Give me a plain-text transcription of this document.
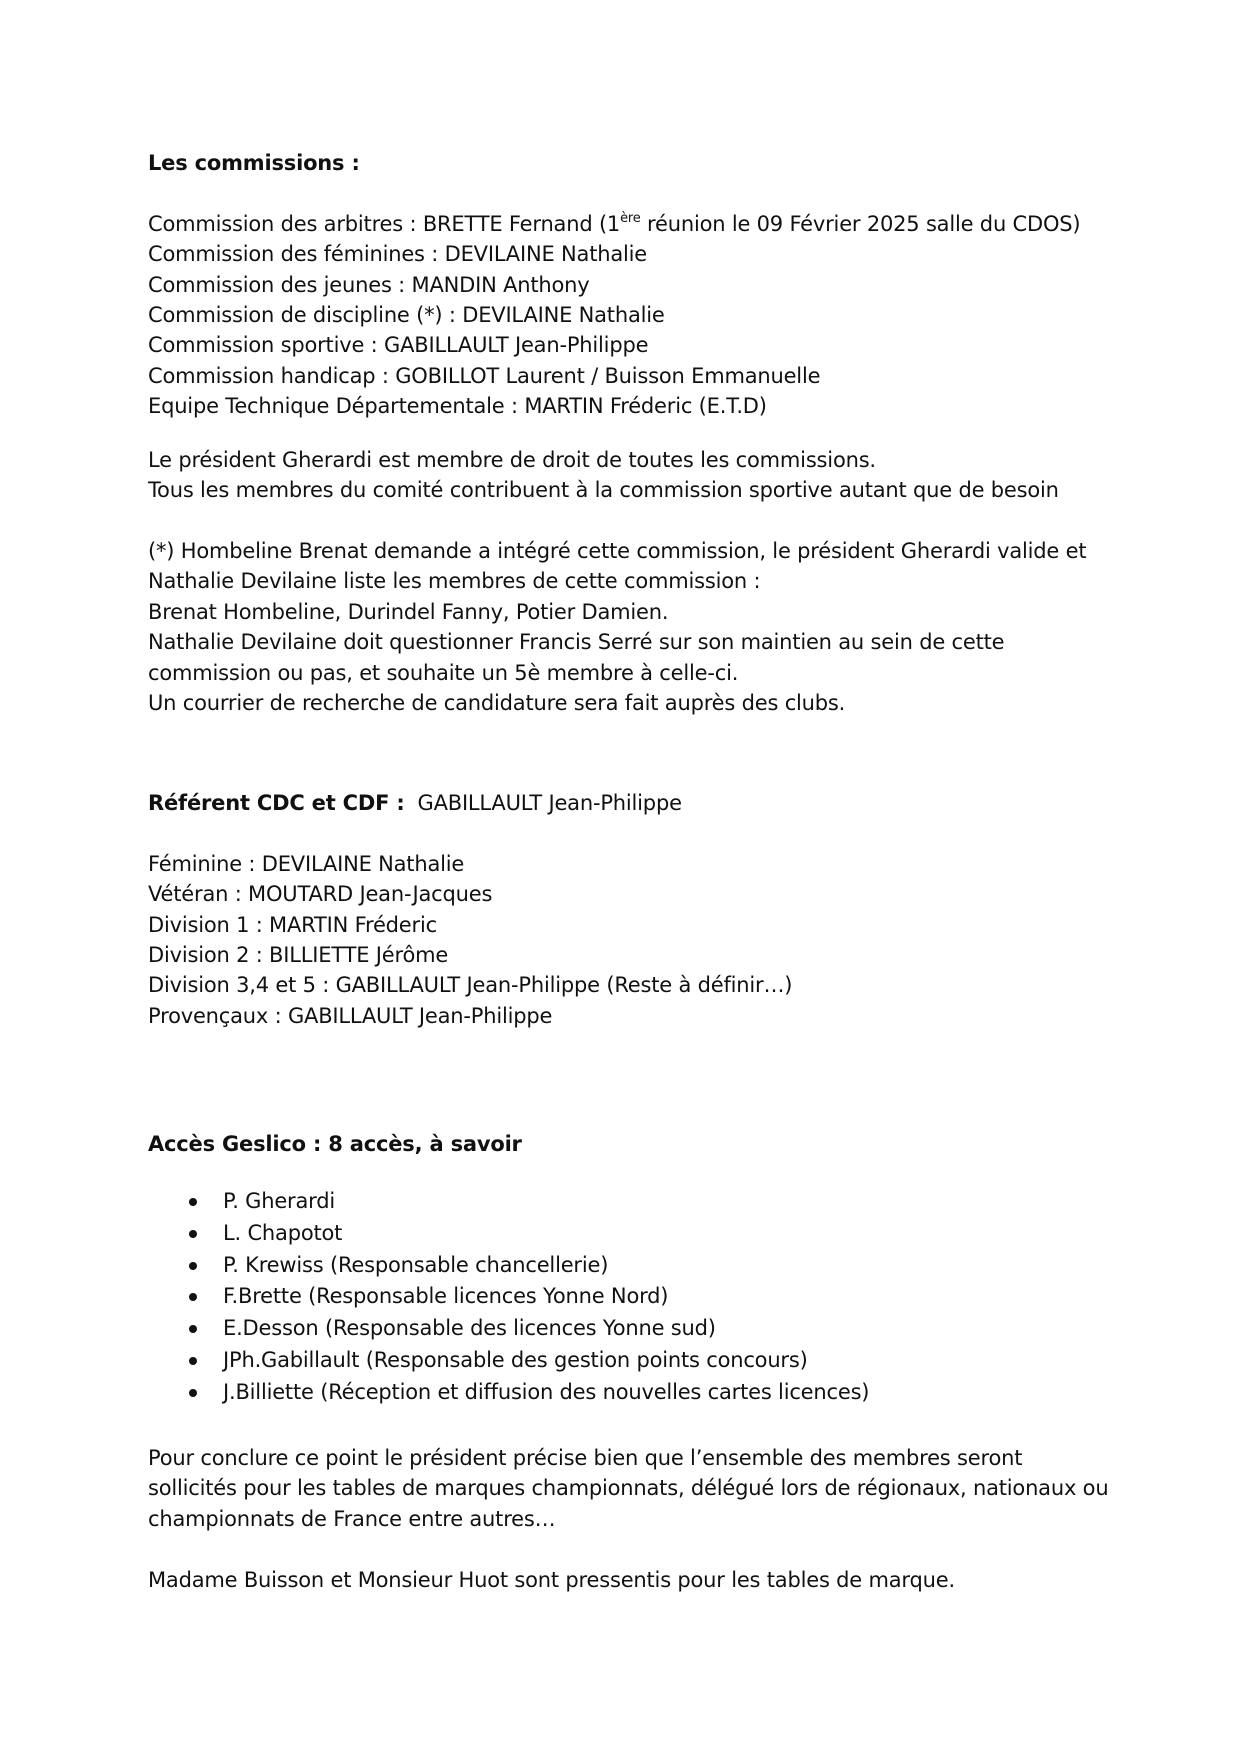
Les commissions :
Commission des arbitres : BRETTE Fernand (1ère réunion le 09 Février 2025 salle du CDOS)
Commission des féminines : DEVILAINE Nathalie
Commission des jeunes : MANDIN Anthony
Commission de discipline (*) : DEVILAINE Nathalie
Commission sportive : GABILLAULT Jean-Philippe
Commission handicap : GOBILLOT Laurent / Buisson Emmanuelle
Equipe Technique Départementale : MARTIN Fréderic (E.T.D)
Le président Gherardi est membre de droit de toutes les commissions.
Tous les membres du comité contribuent à la commission sportive autant que de besoin
(*) Hombeline Brenat demande a intégré cette commission, le président Gherardi valide et
Nathalie Devilaine liste les membres de cette commission :
Brenat Hombeline, Durindel Fanny, Potier Damien.
Nathalie Devilaine doit questionner Francis Serré sur son maintien au sein de cette
commission ou pas, et souhaite un 5è membre à celle-ci.
Un courrier de recherche de candidature sera fait auprès des clubs.
Référent CDC et CDF :  GABILLAULT Jean-Philippe
Féminine : DEVILAINE Nathalie
Vétéran : MOUTARD Jean-Jacques
Division 1 : MARTIN Fréderic
Division 2 : BILLIETTE Jérôme
Division 3,4 et 5 : GABILLAULT Jean-Philippe (Reste à définir…)
Provençaux : GABILLAULT Jean-Philippe
Accès Geslico : 8 accès, à savoir
P. Gherardi
L. Chapotot
P. Krewiss (Responsable chancellerie)
F.Brette (Responsable licences Yonne Nord)
E.Desson (Responsable des licences Yonne sud)
JPh.Gabillault (Responsable des gestion points concours)
J.Billiette (Réception et diffusion des nouvelles cartes licences)
Pour conclure ce point le président précise bien que l’ensemble des membres seront
sollicités pour les tables de marques championnats, délégué lors de régionaux, nationaux ou
championnats de France entre autres…
Madame Buisson et Monsieur Huot sont pressentis pour les tables de marque.
